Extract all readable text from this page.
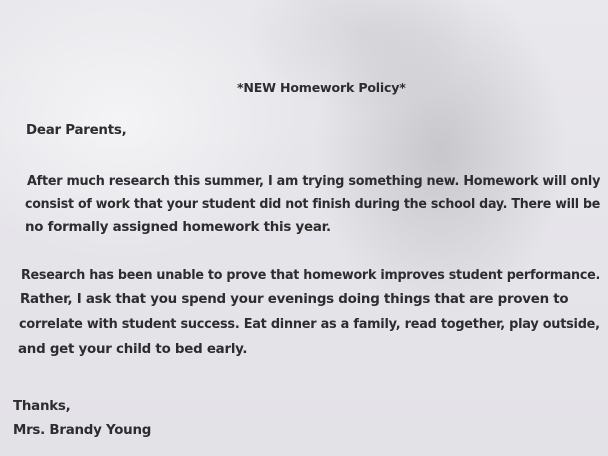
*NEW Homework Policy*
Dear Parents,
After much research this summer, I am trying something new. Homework will only
consist of work that your student did not finish during the school day. There will be
no formally assigned homework this year.
Research has been unable to prove that homework improves student performance.
Rather, I ask that you spend your evenings doing things that are proven to
correlate with student success. Eat dinner as a family, read together, play outside,
and get your child to bed early.
Thanks,
Mrs. Brandy Young
